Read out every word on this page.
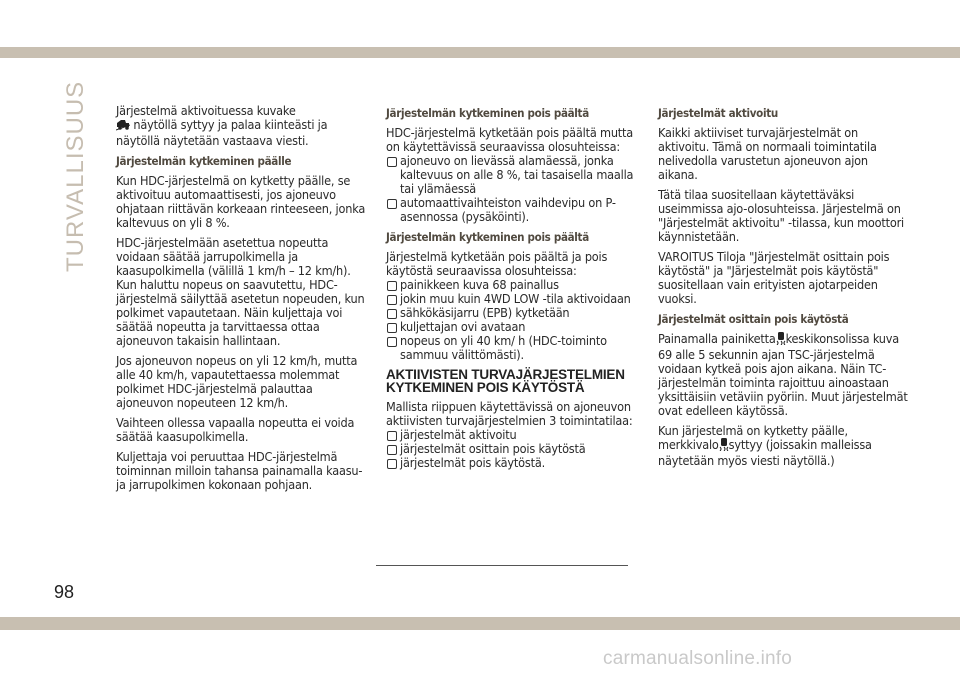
TURVALLISUUS Järjestelmä aktivoituessa kuvake
näytöllä syttyy ja palaa kiinteästi ja näytöllä näytetään vastaava viesti.

Järjestelmän kytkeminen päälle

Kun HDC-järjestelmä on kytketty päälle, se aktivoituu automaattisesti, jos ajoneuvo ohjataan riittävän korkeaan rinteeseen, jonka kaltevuus on yli 8 %.

HDC-järjestelmään asetettua nopeutta voidaan säätää jarrupolkimella ja kaasupolkimella (välillä 1 km/h – 12 km/h). Kun haluttu nopeus on saavutettu, HDC-järjestelmä säilyttää asetetun nopeuden, kun polkimet vapautetaan. Näin kuljettaja voi säätää nopeutta ja tarvittaessa ottaa ajoneuvon takaisin hallintaan.

Jos ajoneuvon nopeus on yli 12 km/h, mutta alle 40 km/h, vapautettaessa molemmat polkimet HDC-järjestelmä palauttaa ajoneuvon nopeuteen 12 km/h.

Vaihteen ollessa vapaalla nopeutta ei voida säätää kaasupolkimella.

Kuljettaja voi peruuttaa HDC-järjestelmä toiminnan milloin tahansa painamalla kaasu- ja jarrupolkimen kokonaan pohjaan.

Järjestelmän kytkeminen pois päältä

HDC-järjestelmä kytketään pois päältä mutta on käytettävissä seuraavissa olosuhteissa:
ajoneuvo on lievässä alamäessä, jonka kaltevuus on alle 8 %, tai tasaisella maalla tai ylämäessä
automaattivaihteiston vaihdevipu on P-asennossa (pysäköinti).

Järjestelmän kytkeminen pois päältä

Järjestelmä kytketään pois päältä ja pois käytöstä seuraavissa olosuhteissa:
painikkeen kuva 68 painallus
jokin muu kuin 4WD LOW -tila aktivoidaan
sähkökäsijarru (EPB) kytketään
kuljettajan ovi avataan
nopeus on yli 40 km/ h (HDC-toiminto sammuu välittömästi).

AKTIIVISTEN TURVAJÄRJESTELMIEN KYTKEMINEN POIS KÄYTÖSTÄ

Mallista riippuen käytettävissä on ajoneuvon aktiivisten turvajärjestelmien 3 toimintatilaa:
järjestelmät aktivoitu
järjestelmät osittain pois käytöstä
järjestelmät pois käytöstä.

Järjestelmät aktivoitu

Kaikki aktiiviset turvajärjestelmät on aktivoitu. Tämä on normaali toimintatila nelivedolla varustetun ajoneuvon ajon aikana.

Tätä tilaa suositellaan käytettäväksi useimmissa ajo-olosuhteissa. Järjestelmä on "Järjestelmät aktivoitu" -tilassa, kun moottori käynnistetään.

VAROITUS Tiloja "Järjestelmät osittain pois käytöstä" ja "Järjestelmät pois käytöstä" suositellaan vain erityisten ajotarpeiden vuoksi.

Järjestelmät osittain pois käytöstä

Painamalla painiketta keskikonsolissa kuva 69 alle 5 sekunnin ajan TSC-järjestelmä voidaan kytkeä pois ajon aikana. Näin TC-järjestelmän toiminta rajoittuu ainoastaan yksittäisiin vetäviin pyöriin. Muut järjestelmät ovat edelleen käytössä.

Kun järjestelmä on kytketty päälle, merkkivalo syttyy (joissakin malleissa näytetään myös viesti näytöllä.)

98
carmanualsonline.info
